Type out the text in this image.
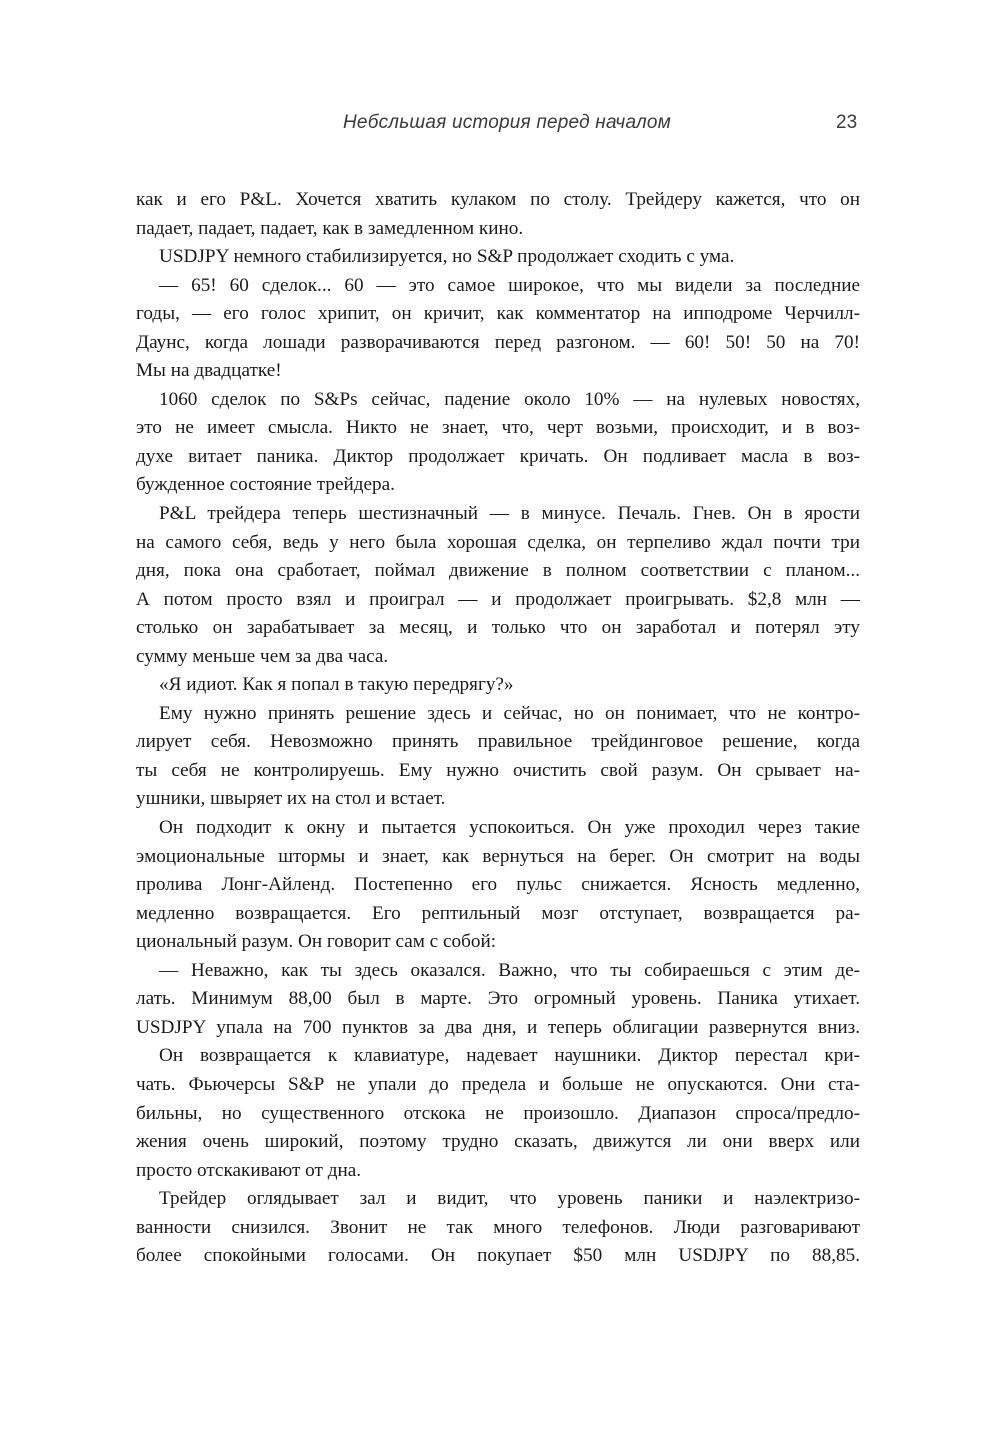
Небсльшая история перед началом	23
как и его P&L. Хочется хватить кулаком по столу. Трейдеру кажется, что он
падает, падает, падает, как в замедленном кино.
USDJPY немного стабилизируется, но S&P продолжает сходить с ума.
— 65! 60 сделок... 60 — это самое широкое, что мы видели за последние
годы, — его голос хрипит, он кричит, как комментатор на ипподроме Черчилл-
Даунс, когда лошади разворачиваются перед разгоном. — 60! 50! 50 на 70!
Мы на двадцатке!
1060 сделок по S&Ps сейчас, падение около 10% –– на нулевых новостях,
это не имеет смысла. Никто не знает, что, черт возьми, происходит, и в воз-
духе витает паника. Диктор продолжает кричать. Он подливает масла в воз-
бужденное состояние трейдера.
P&L трейдера теперь шестизначный — в минусе. Печаль. Гнев. Он в ярости
на самого себя, ведь у него была хорошая сделка, он терпеливо ждал почти три
дня, пока она сработает, поймал движение в полном соответствии с планом...
А потом просто взял и проиграл — и продолжает проигрывать. $2,8 млн —
столько он зарабатывает за месяц, и только что он заработал и потерял эту
сумму меньше чем за два часа.
«Я идиот. Как я попал в такую передрягу?»
Ему нужно принять решение здесь и сейчас, но он понимает, что не контро-
лирует себя. Невозможно принять правильное трейдинговое решение, когда
ты себя не контролируешь. Ему нужно очистить свой разум. Он срывает на-
ушники, швыряет их на стол и встает.
Он подходит к окну и пытается успокоиться. Он уже проходил через такие
эмоциональные штормы и знает, как вернуться на берег. Он смотрит на воды
пролива Лонг-Айленд. Постепенно его пульс снижается. Ясность медленно,
медленно возвращается. Его рептильный мозг отступает, возвращается ра-
циональный разум. Он говорит сам с собой:
–– Неважно, как ты здесь оказался. Важно, что ты собираешься с этим де-
лать. Минимум 88,00 был в марте. Это огромный уровень. Паника утихает.
USDJPY упала на 700 пунктов за два дня, и теперь облигации развернутся вниз.
Он возвращается к клавиатуре, надевает наушники. Диктор перестал кри-
чать. Фьючерсы S&P не упали до предела и больше не опускаются. Они ста-
бильны, но существенного отскока не произошло. Диапазон спроса/предло-
жения очень широкий, поэтому трудно сказать, движутся ли они вверх или
просто отскакивают от дна.
Трейдер оглядывает зал и видит, что уровень паники и наэлектризо-
ванности снизился. Звонит не так много телефонов. Люди разговаривают
более спокойными голосами. Он покупает $50 млн USDJPY по 88,85.
